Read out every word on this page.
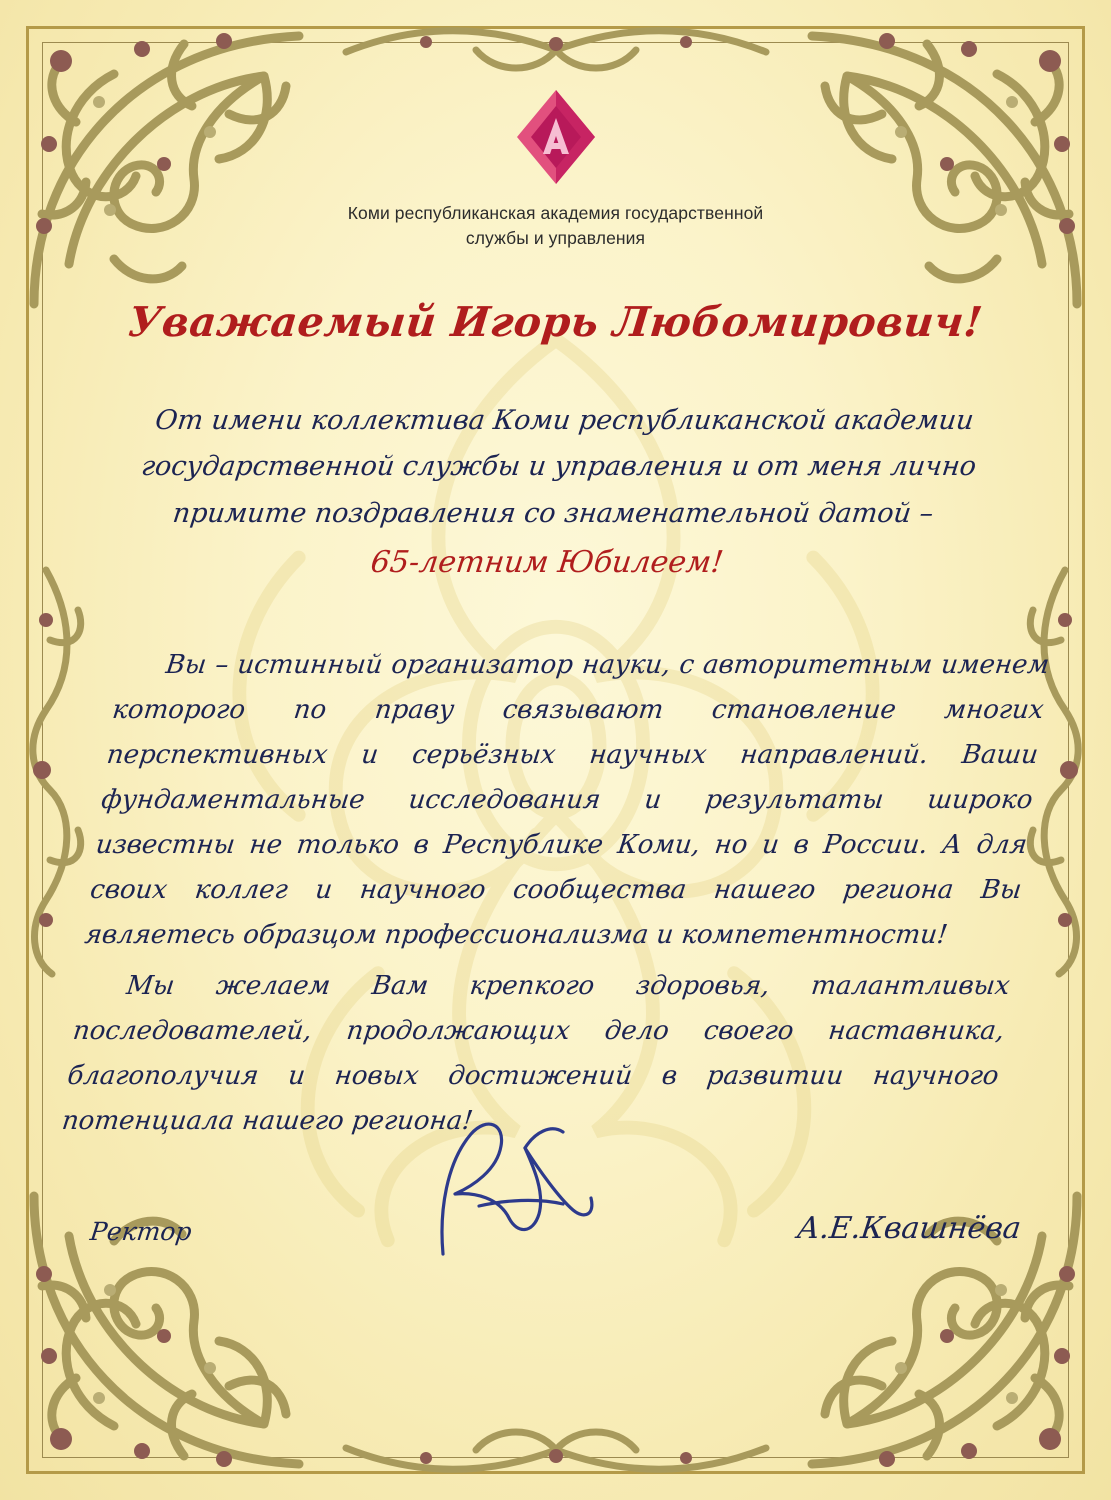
Коми республиканская академия государственной
службы и управления
Уважаемый Игорь Любомирович!
От имени коллектива Коми республиканской академии
государственной службы и управления и от меня лично
примите поздравления со знаменательной датой –
65-летним Юбилеем!

Вы – истинный организатор науки, с авторитетным именем которого по праву связывают становление многих перспективных и серьёзных научных направлений. Ваши фундаментальные исследования и результаты широко известны не только в Республике Коми, но и в России. А для своих коллег и научного сообщества нашего региона Вы являетесь образцом профессионализма и компетентности!

Мы желаем Вам крепкого здоровья, талантливых последователей, продолжающих дело своего наставника, благополучия и новых достижений в развитии научного потенциала нашего региона!

Ректор	А.Е.Квашнёва
